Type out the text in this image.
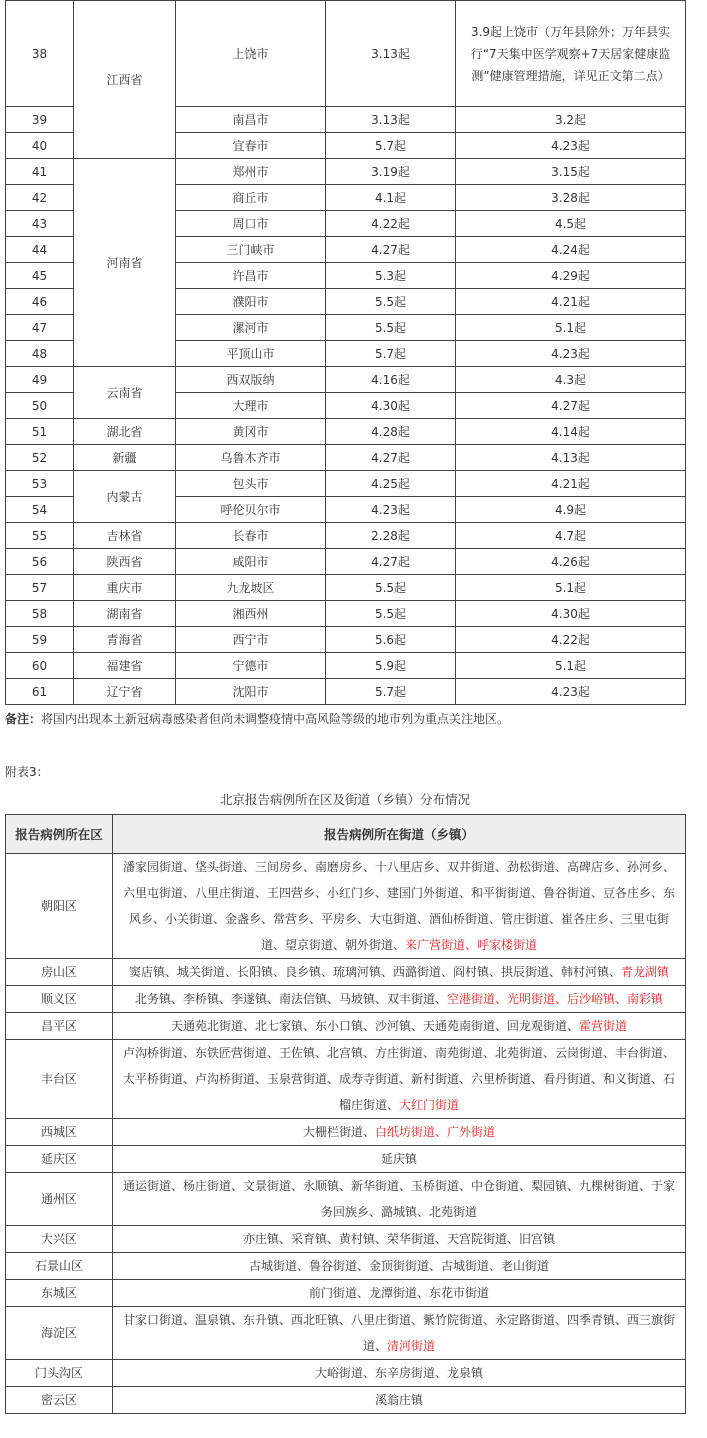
38	江西省	上饶市	3.13起	3.9起上饶市（万年县除外；万年县实行“7天集中医学观察+7天居家健康监测”健康管理措施，详见正文第二点）
39		南昌市	3.13起	3.2起
40		宜春市	5.7起	4.23起
41	河南省	郑州市	3.19起	3.15起
42		商丘市	4.1起	3.28起
43		周口市	4.22起	4.5起
44		三门峡市	4.27起	4.24起
45		许昌市	5.3起	4.29起
46		濮阳市	5.5起	4.21起
47		漯河市	5.5起	5.1起
48		平顶山市	5.7起	4.23起
49	云南省	西双版纳	4.16起	4.3起
50		大理市	4.30起	4.27起
51	湖北省	黄冈市	4.28起	4.14起
52	新疆	乌鲁木齐市	4.27起	4.13起
53	内蒙古	包头市	4.25起	4.21起
54		呼伦贝尔市	4.23起	4.9起
55	吉林省	长春市	2.28起	4.7起
56	陕西省	咸阳市	4.27起	4.26起
57	重庆市	九龙坡区	5.5起	5.1起
58	湖南省	湘西州	5.5起	4.30起
59	青海省	西宁市	5.6起	4.22起
60	福建省	宁德市	5.9起	5.1起
61	辽宁省	沈阳市	5.7起	4.23起
备注：将国内出现本土新冠病毒感染者但尚未调整疫情中高风险等级的地市列为重点关注地区。
附表3：
北京报告病例所在区及街道（乡镇）分布情况
报告病例所在区	报告病例所在街道（乡镇）
朝阳区	潘家园街道、垡头街道、三间房乡、南磨房乡、十八里店乡、双井街道、劲松街道、高碑店乡、孙河乡、六里屯街道、八里庄街道、王四营乡、小红门乡、建国门外街道、和平街街道、鲁谷街道、豆各庄乡、东风乡、小关街道、金盏乡、常营乡、平房乡、大屯街道、酒仙桥街道、管庄街道、崔各庄乡、三里屯街道、望京街道、朝外街道、来广营街道、呼家楼街道
房山区	窦店镇、城关街道、长阳镇、良乡镇、琉璃河镇、西潞街道、阎村镇、拱辰街道、韩村河镇、青龙湖镇
顺义区	北务镇、李桥镇、李遂镇、南法信镇、马坡镇、双丰街道、空港街道、光明街道、后沙峪镇、南彩镇
昌平区	天通苑北街道、北七家镇、东小口镇、沙河镇、天通苑南街道、回龙观街道、霍营街道
丰台区	卢沟桥街道、东铁匠营街道、王佐镇、北宫镇、方庄街道、南苑街道、北苑街道、云岗街道、丰台街道、太平桥街道、卢沟桥街道、玉泉营街道、成寿寺街道、新村街道、六里桥街道、看丹街道、和义街道、石榴庄街道、大红门街道
西城区	大栅栏街道、白纸坊街道、广外街道
延庆区	延庆镇
通州区	通运街道、杨庄街道、文景街道、永顺镇、新华街道、玉桥街道、中仓街道、梨园镇、九棵树街道、于家务回族乡、潞城镇、北苑街道
大兴区	亦庄镇、采育镇、黄村镇、荣华街道、天宫院街道、旧宫镇
石景山区	古城街道、鲁谷街道、金顶街街道、古城街道、老山街道
东城区	前门街道、龙潭街道、东花市街道
海淀区	甘家口街道、温泉镇、东升镇、西北旺镇、八里庄街道、紫竹院街道、永定路街道、四季青镇、西三旗街道、清河街道
门头沟区	大峪街道、东辛房街道、龙泉镇
密云区	溪翁庄镇
